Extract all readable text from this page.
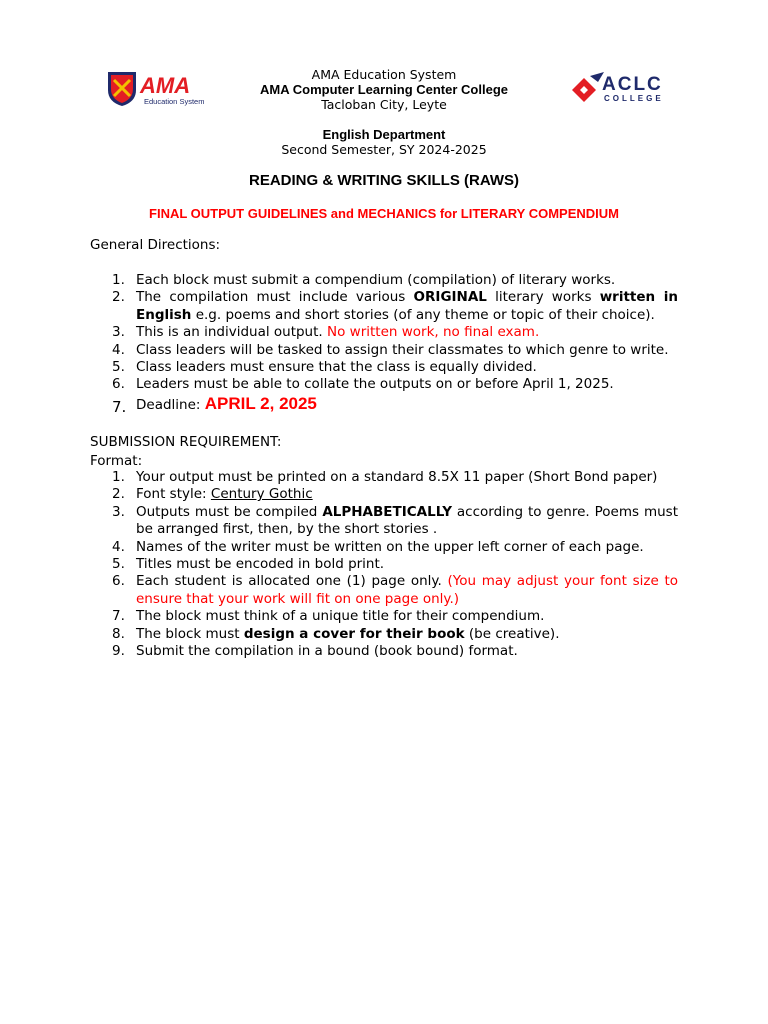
AMA
Education System
ACLC
COLLEGE
AMA Education System
AMA Computer Learning Center College
Tacloban City, Leyte
English Department
Second Semester, SY 2024-2025
READING & WRITING SKILLS (RAWS)
FINAL OUTPUT GUIDELINES and MECHANICS for LITERARY COMPENDIUM
General Directions:
1. Each block must submit a compendium (compilation) of literary works.
2. The compilation must include various ORIGINAL literary works written in English e.g. poems and short stories (of any theme or topic of their choice).
3. This is an individual output. No written work, no final exam.
4. Class leaders will be tasked to assign their classmates to which genre to write.
5. Class leaders must ensure that the class is equally divided.
6. Leaders must be able to collate the outputs on or before April 1, 2025.
7. Deadline: APRIL 2, 2025
SUBMISSION REQUIREMENT:
Format:
1. Your output must be printed on a standard 8.5X 11 paper (Short Bond paper)
2. Font style: Century Gothic
3. Outputs must be compiled ALPHABETICALLY according to genre. Poems must be arranged first, then, by the short stories .
4. Names of the writer must be written on the upper left corner of each page.
5. Titles must be encoded in bold print.
6. Each student is allocated one (1) page only. (You may adjust your font size to ensure that your work will fit on one page only.)
7. The block must think of a unique title for their compendium.
8. The block must design a cover for their book (be creative).
9. Submit the compilation in a bound (book bound) format.
